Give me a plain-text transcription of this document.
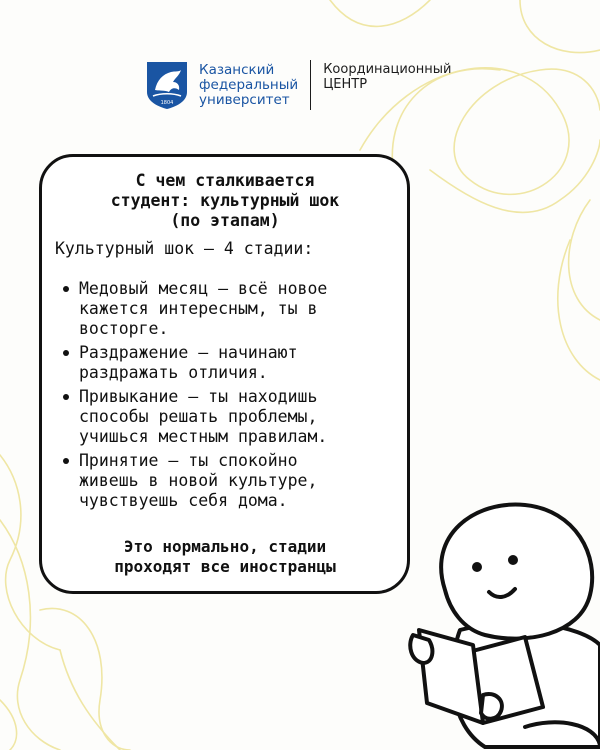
1804
Казанский
федеральный
университет
Координационный
ЦЕНТР
С чем сталкивается
студент: культурный шок
(по этапам)
Культурный шок – 4 стадии:
Медовый месяц – всё новое
кажется интересным, ты в
восторге.
Раздражение – начинают
раздражать отличия.
Привыкание – ты находишь
способы решать проблемы,
учишься местным правилам.
Принятие – ты спокойно
живешь в новой культуре,
чувствуешь себя дома.
Это нормально, стадии
проходят все иностранцы
